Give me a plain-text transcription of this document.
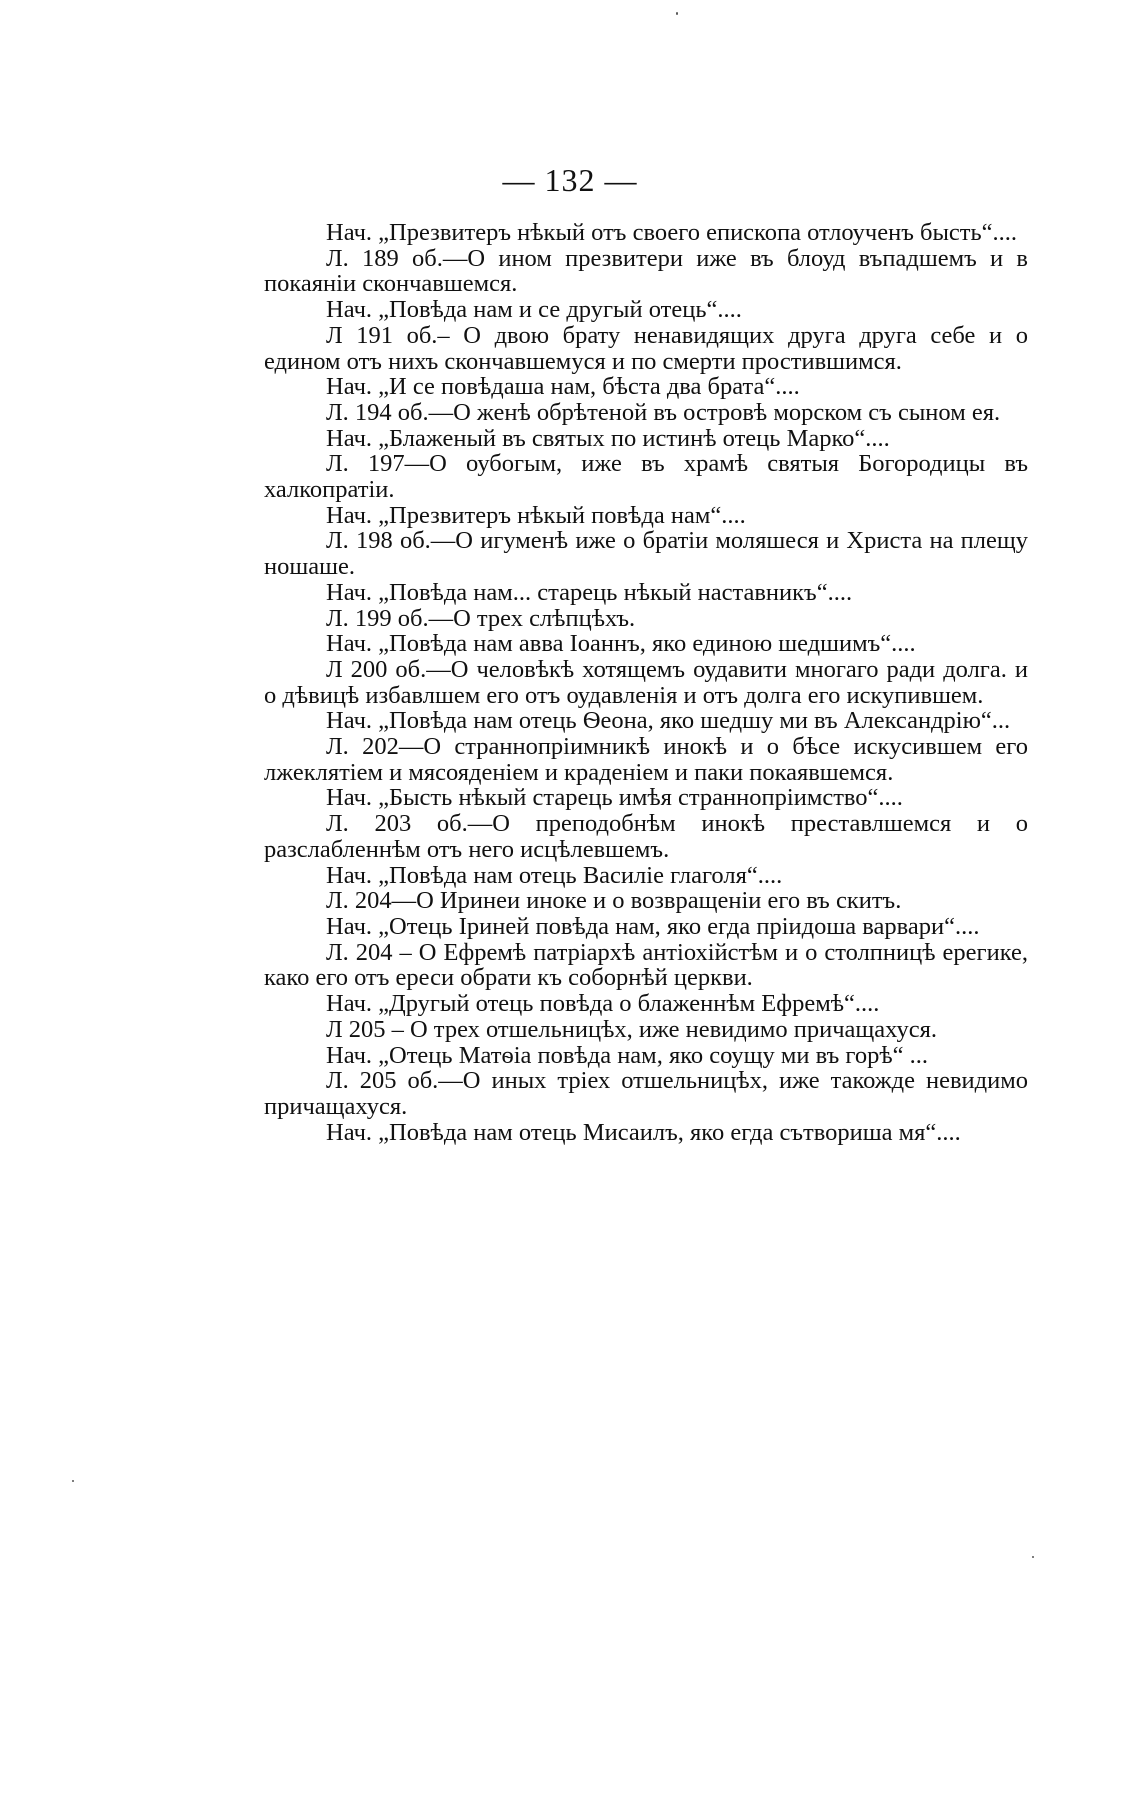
— 132 —

Нач. „Презвитеръ нѣкый отъ своего епископа отлоученъ бысть“....

Л. 189 об.—О ином презвитери иже въ блоуд въпадшемъ и в покаяніи скончавшемся.

Нач. „Повѣда нам и се другый отець“....

Л 191 об.– О двою брату ненавидящих друга друга себе и о едином отъ нихъ скончавшемуся и по смерти простившимся.

Нач. „И се повѣдаша нам, бѣста два брата“....

Л. 194 об.—О женѣ обрѣтеной въ островѣ морском съ сыном ея.

Нач. „Блаженый въ святых по истинѣ отець Марко“....

Л. 197—О оубогым, иже въ храмѣ святыя Богородицы въ халкопратіи.

Нач. „Презвитеръ нѣкый повѣда нам“....

Л. 198 об.—О игуменѣ иже о братіи моляшеся и Христа на плещу ношаше.

Нач. „Повѣда нам... старець нѣкый наставникъ“....

Л. 199 об.—О трех слѣпцѣхъ.

Нач. „Повѣда нам авва Іоаннъ, яко единою шедшимъ“....

Л 200 об.—О человѣкѣ хотящемъ оудавити многаго ради долга. и о дѣвицѣ избавлшем его отъ оудавленія и отъ долга его искупившем.

Нач. „Повѣда нам отець Ѳеона, яко шедшу ми въ Александрію“...

Л. 202—О страннопріимникѣ инокѣ и о бѣсе искусившем его лжеклятіем и мясояденіем и краденіем и паки покаявшемся.

Нач. „Бысть нѣкый старець имѣя страннопріимство“....

Л. 203 об.—О преподобнѣм инокѣ преставлшемся и о разслабленнѣм отъ него исцѣлевшемъ.

Нач. „Повѣда нам отець Василіе глаголя“....

Л. 204—О Иринеи иноке и о возвращеніи его въ скитъ.

Нач. „Отець Іриней повѣда нам, яко егда пріидоша варвари“....

Л. 204 – О Ефремѣ патріархѣ антіохійстѣм и о столпницѣ ерегике, како его отъ ереси обрати къ соборнѣй церкви.

Нач. „Другый отець повѣда о блаженнѣм Ефремѣ“....

Л 205 – О трех отшельницѣх, иже невидимо причащахуся.

Нач. „Отець Матѳіа повѣда нам, яко соущу ми въ горѣ“ ...

Л. 205 об.—О иных тріех отшельницѣх, иже такожде невидимо причащахуся.

Нач. „Повѣда нам отець Мисаилъ, яко егда сътвориша мя“....
